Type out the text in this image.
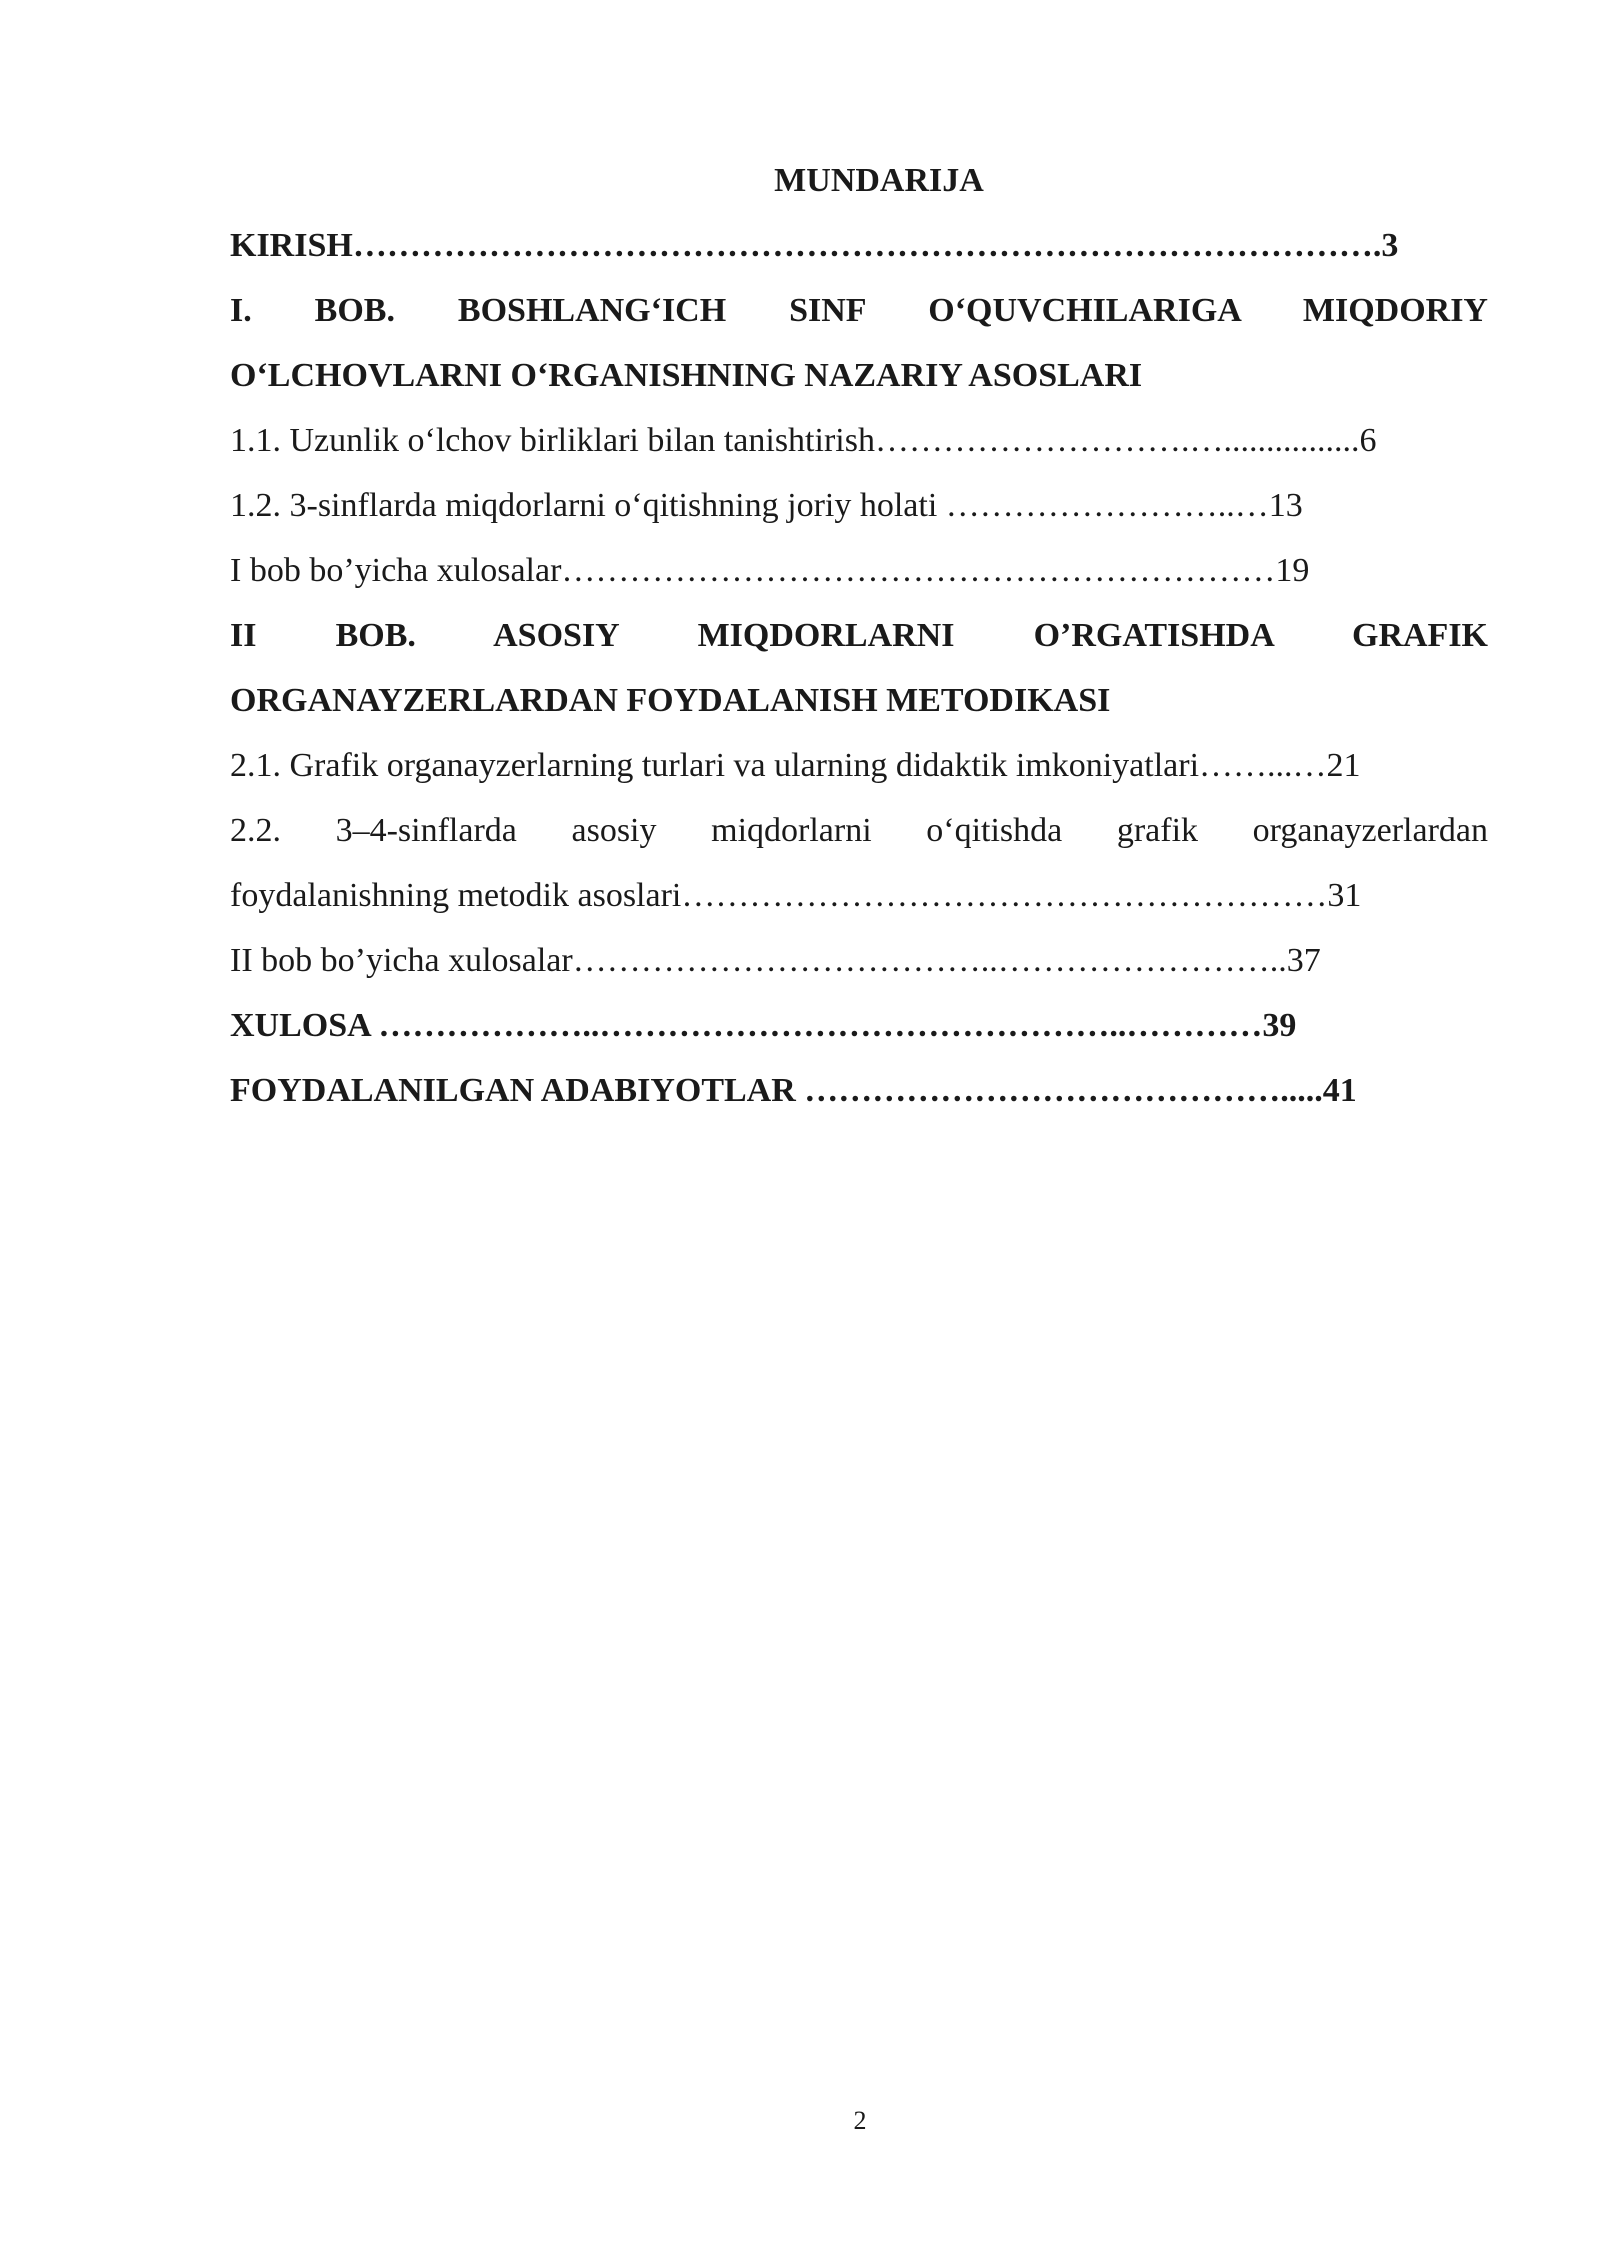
MUNDARIJA
KIRISH……………………………………………………………………………….3
I. BOB. BOSHLANG‘ICH SINF O‘QUVCHILARIGA MIQDORIY
O‘LCHOVLARNI O‘RGANISHNING NAZARIY ASOSLARI
1.1. Uzunlik o‘lchov birliklari bilan tanishtirish……………………….…................6
1.2. 3-sinflarda miqdorlarni o‘qitishning joriy holati ……………………..…13
I bob bo’yicha xulosalar………………………………………………………19
II BOB. ASOSIY MIQDORLARNI O’RGATISHDA GRAFIK
ORGANAYZERLARDAN FOYDALANISH METODIKASI
2.1. Grafik organayzerlarning turlari va ularning didaktik imkoniyatlari……...…21
2.2. 3–4-sinflarda asosiy miqdorlarni o‘qitishda grafik organayzerlardan
foydalanishning metodik asoslari…………………………………………………31
II bob bo’yicha xulosalar………………………………..……………………..37
XULOSA ………………..………………………………………..…………39
FOYDALANILGAN ADABIYOTLAR …………………………………….....41
2
